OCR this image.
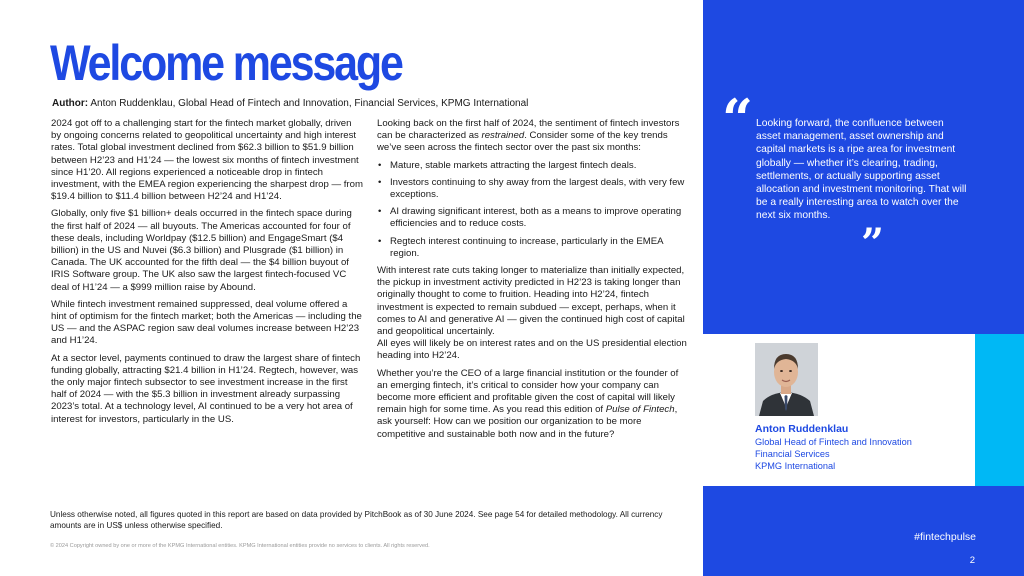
Welcome message
Author: Anton Ruddenklau, Global Head of Fintech and Innovation, Financial Services, KPMG International

2024 got off to a challenging start for the fintech market globally, driven by ongoing concerns related to geopolitical uncertainty and high interest rates. Total global investment declined from $62.3 billion to $51.9 billion between H2’23 and H1’24 — the lowest six months of fintech investment since H1’20. All regions experienced a noticeable drop in fintech investment, with the EMEA region experiencing the sharpest drop — from $19.4 billion to $11.4 billion between H2’24 and H1’24.

Globally, only five $1 billion+ deals occurred in the fintech space during the first half of 2024 — all buyouts. The Americas accounted for four of these deals, including Worldpay ($12.5 billion) and EngageSmart ($4 billion) in the US and Nuvei ($6.3 billion) and Plusgrade ($1 billion) in Canada. The UK accounted for the fifth deal — the $4 billion buyout of IRIS Software group. The UK also saw the largest fintech-focused VC deal of H1’24 — a $999 million raise by Abound.

While fintech investment remained suppressed, deal volume offered a hint of optimism for the fintech market; both the Americas — including the US — and the ASPAC region saw deal volumes increase between H2’23 and H1’24.

At a sector level, payments continued to draw the largest share of fintech funding globally, attracting $21.4 billion in H1’24. Regtech, however, was the only major fintech subsector to see investment increase in the first half of 2024 — with the $5.3 billion in investment already surpassing 2023’s total. At a technology level, AI continued to be a very hot area of interest for investors, particularly in the US.

Looking back on the first half of 2024, the sentiment of fintech investors can be characterized as restrained. Consider some of the key trends we’ve seen across the fintech sector over the past six months:

• Mature, stable markets attracting the largest fintech deals.
• Investors continuing to shy away from the largest deals, with very few exceptions.
• AI drawing significant interest, both as a means to improve operating efficiencies and to reduce costs.
• Regtech interest continuing to increase, particularly in the EMEA region.

With interest rate cuts taking longer to materialize than initially expected, the pickup in investment activity predicted in H2’23 is taking longer than originally thought to come to fruition. Heading into H2’24, fintech investment is expected to remain subdued — except, perhaps, when it comes to AI and generative AI — given the continued high cost of capital and geopolitical uncertainly.

All eyes will likely be on interest rates and on the US presidential election heading into H2’24.

Whether you’re the CEO of a large financial institution or the founder of an emerging fintech, it’s critical to consider how your company can become more efficient and profitable given the cost of capital will likely remain high for some time. As you read this edition of Pulse of Fintech, ask yourself: How can we position our organization to be more competitive and sustainable both now and in the future?

Unless otherwise noted, all figures quoted in this report are based on data provided by PitchBook as of 30 June 2024. See page 54 for detailed methodology. All currency amounts are in US$ unless otherwise specified.
© 2024 Copyright owned by one or more of the KPMG International entities. KPMG International entities provide no services to clients. All rights reserved.
“ Looking forward, the confluence between asset management, asset ownership and capital markets is a ripe area for investment globally — whether it’s clearing, trading, settlements, or actually supporting asset allocation and investment monitoring. That will be a really interesting area to watch over the next six months.
”
Anton Ruddenklau
Global Head of Fintech and Innovation
Financial Services
KPMG International
#fintechpulse
2
